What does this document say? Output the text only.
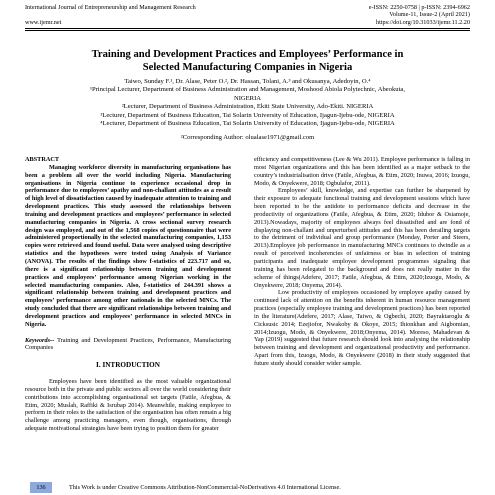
International Journal of Entrepreneurship and Management Research	e-ISSN: 2250-0758 | p-ISSN: 2394-6962
Volume-11, Issue-2 (April 2021)
www.ijemr.net	https://doi.org/10.31033/ijemr.11.2.20
Training and Development Practices and Employees’ Performance in
Selected Manufacturing Companies in Nigeria
Taiwo, Sunday F.¹, Dr. Alase, Peter O.², Dr. Hassan, Tolani, A.³ and Okusanya, Adedoyin, O.⁴
¹Principal Lecturer, Department of Business Administration and Management, Moshood Abiola Polytechnic, Abeokuta,
NIGERIA
²Lecturer, Department of Business Administration, Ekiti State University, Ado-Ekiti. NIGERIA
³Lecturer, Department of Business Education, Tai Solarin University of Education, Ijagun-Ijebu-ode, NIGERIA
⁴Lecturer, Department of Business Education, Tai Solarin University of Education, Ijagun-Ijebu-ode, NIGERIA
²Corresponding Author: olualase1971@gmail.com

ABSTRACT

Managing workforce diversity in manufacturing organisations has been a problem all over the world including Nigeria. Manufacturing organisations in Nigeria continue to experience occasional drop in performance due to employees’ apathy and non-challant attitudes as a result of high level of dissatisfaction caused by inadequate attention to training and development practices. This study assessed the relationships between training and development practices and employees’ performance in selected manufacturing companies in Nigeria. A cross sectional survey research design was employed, and out of the 1,568 copies of questionnaire that were administered proportionally in the selected manufacturing companies, 1,153 copies were retrieved and found useful. Data were analysed using descriptive statistics and the hypotheses were tested using Analysis of Variance (ANOVA). The results of the findings show f-statistics of 223.717 and so, there is a significant relationship between training and development practices and employees’ performance among Nigerian working in the selected manufacturing companies. Also, f-statistics of 244.391 shows a significant relationship between training and development practices and employees’ performance among other nationals in the selected MNCs. The study concluded that there are significant relationships between training and development practices and employees’ performance in selected MNCs in Nigeria.

Keywords-- Training and Development Practices, Performance, Manufacturing Companies

I. INTRODUCTION

Employees have been identified as the most valuable organizational resource both in the private and public sectors all over the world considering their contributions into accomplishing organisational set targets (Fatile, Afegbua, & Etim, 2020; Muslah, Raffiki & Isrubap 2014). Meanwhile, making employee to perform in their roles to the satisfaction of the organisation has often remain a big challenge among practicing managers, even though, organisations, through adequate motivational strategies have been trying to position them for greater

efficiency and competitiveness (Lee & Wu 2011). Employee performance is falling in most Nigerian organizations and this has been identified as a major setback to the country’s industrialisation drive (Fatile, Afegbua, & Etim, 2020; Inuwa, 2016; Izuogu, Modo, & Onyekwere, 2018; Ogbulafor, 2011).

Employees’ skill, knowledge, and expertise can further be sharpened by their exposure to adequate functional training and development sessions which have been reported to be the antidote to performance deficits and decrease in the productivity of organizations (Fatile, Afegbua, & Etim, 2020; Idubor & Osiamoje, 2013).Nowadays, majority of employees always feel dissatisfied and are fond of displaying non-challant and unperturbed attitudes and this has been derailing targets to the detriment of individual and group performance (Monday, Porter and Steers, 2013).Employee job performance in manufacturing MNCs continues to dwindle as a result of perceived incoherencies of unfairness or bias in selection of training participants and inadequate employee development programmes signaling that training has been relegated to the background and does not really matter in the scheme of things(Adefere, 2017; Fatile, Afegbua, & Etim, 2020;Izuogu, Modo, & Onyekwere, 2018; Onyema, 2014).

Low productivity of employees occasioned by employee apathy caused by continued lack of attention on the benefits inherent in human resource management practices (especially employee training and development practices) has been reported in the literature(Adefere, 2017; Alase, Taiwo, & Ogbechi, 2020; Bayraktaroglu & Cicksusic 2014; Ezejiofor, Nwakoby & Okoye, 2015; Ihionkhan and Aigbomian, 2014;Izuogu, Modo, & Onyekwere, 2018;Onyema, 2014). Moreso, Mahadevan & Yap (2019) suggested that future research should look into analysing the relationship between training and development and organizational productivity and performance. Apart from this, Izuogu, Modo, & Onyekwere (2018) in their study suggested that future study should consider wider sample.

136	This Work is under Creative Commons Attribution-NonCommercial-NoDerivatives 4.0 International License.
